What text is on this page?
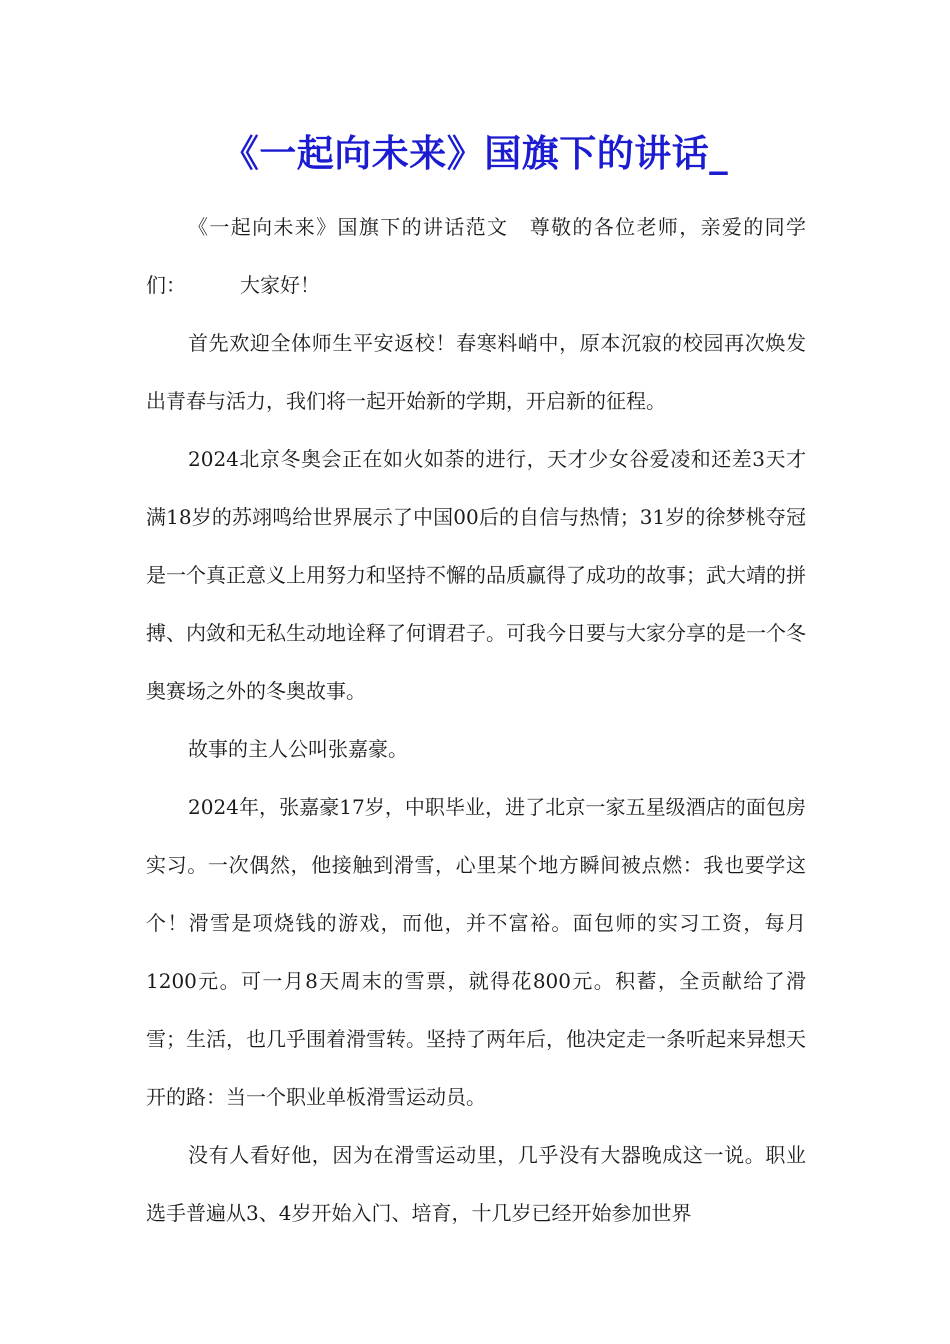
《一起向未来》国旗下的讲话_

《一起向未来》国旗下的讲话范文 尊敬的各位老师，亲爱的同学们：	大家好！

首先欢迎全体师生平安返校！春寒料峭中，原本沉寂的校园再次焕发出青春与活力，我们将一起开始新的学期，开启新的征程。

2024北京冬奥会正在如火如荼的进行，天才少女谷爱凌和还差3天才满18岁的苏翊鸣给世界展示了中国00后的自信与热情；31岁的徐梦桃夺冠是一个真正意义上用努力和坚持不懈的品质赢得了成功的故事；武大靖的拼搏、内敛和无私生动地诠释了何谓君子。可我今日要与大家分享的是一个冬奥赛场之外的冬奥故事。

故事的主人公叫张嘉豪。

2024年，张嘉豪17岁，中职毕业，进了北京一家五星级酒店的面包房实习。一次偶然，他接触到滑雪，心里某个地方瞬间被点燃：我也要学这个！滑雪是项烧钱的游戏，而他，并不富裕。面包师的实习工资，每月1200元。可一月8天周末的雪票，就得花800元。积蓄，全贡献给了滑雪；生活，也几乎围着滑雪转。坚持了两年后，他决定走一条听起来异想天开的路：当一个职业单板滑雪运动员。

没有人看好他，因为在滑雪运动里，几乎没有大器晚成这一说。职业选手普遍从3、4岁开始入门、培育，十几岁已经开始参加世界
